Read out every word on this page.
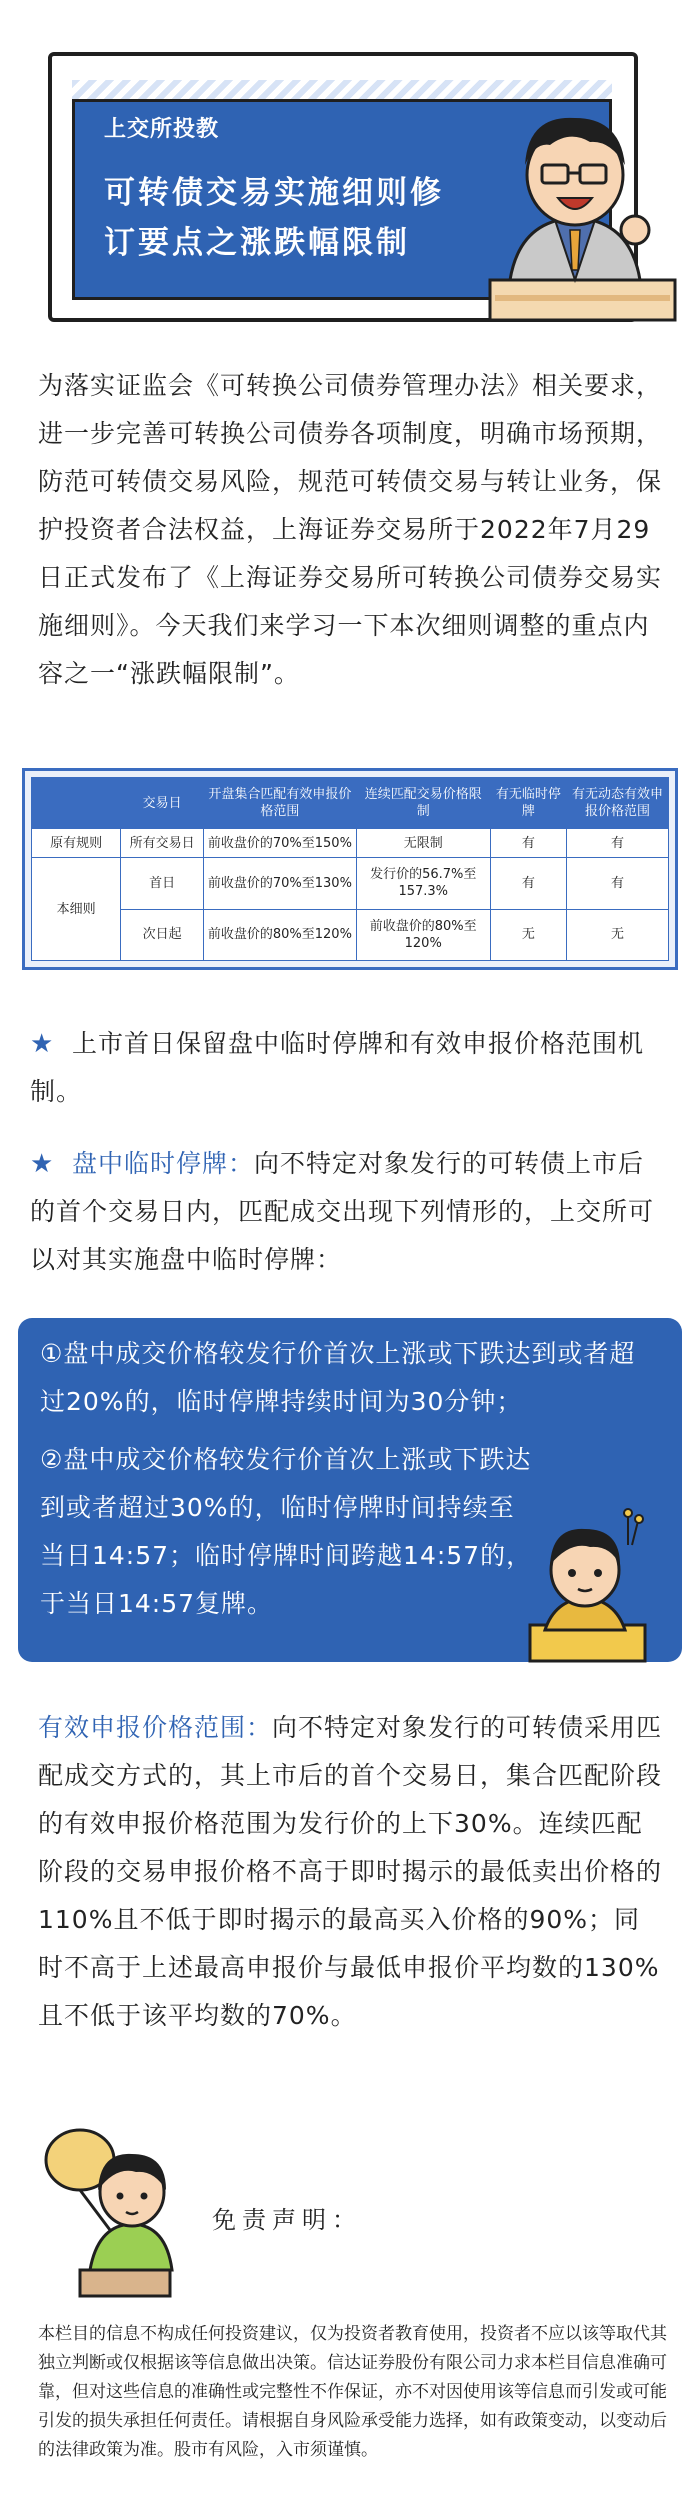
上交所投教
可转债交易实施细则修订要点之涨跌幅限制
为落实证监会《可转换公司债券管理办法》相关要求，进一步完善可转换公司债券各项制度，明确市场预期，防范可转债交易风险，规范可转债交易与转让业务，保护投资者合法权益，上海证券交易所于2022年7月29日正式发布了《上海证券交易所可转换公司债券交易实施细则》。今天我们来学习一下本次细则调整的重点内容之一“涨跌幅限制”。
	交易日	开盘集合匹配有效申报价格范围	连续匹配交易价格限制	有无临时停牌	有无动态有效申报价格范围
原有规则	所有交易日	前收盘价的70%至150%	无限制	有	有
本细则	首日	前收盘价的70%至130%	发行价的56.7%至157.3%	有	有
	次日起	前收盘价的80%至120%	前收盘价的80%至120%	无	无
★ 上市首日保留盘中临时停牌和有效申报价格范围机制。
★ 盘中临时停牌：向不特定对象发行的可转债上市后的首个交易日内，匹配成交出现下列情形的，上交所可以对其实施盘中临时停牌：

①盘中成交价格较发行价首次上涨或下跌达到或者超过20%的，临时停牌持续时间为30分钟；

②盘中成交价格较发行价首次上涨或下跌达到或者超过30%的，临时停牌时间持续至当日14:57；临时停牌时间跨越14:57的，于当日14:57复牌。

有效申报价格范围：向不特定对象发行的可转债采用匹配成交方式的，其上市后的首个交易日，集合匹配阶段的有效申报价格范围为发行价的上下30%。连续匹配阶段的交易申报价格不高于即时揭示的最低卖出价格的110%且不低于即时揭示的最高买入价格的90%；同时不高于上述最高申报价与最低申报价平均数的130%且不低于该平均数的70%。
免责声明：
本栏目的信息不构成任何投资建议，仅为投资者教育使用，投资者不应以该等取代其独立判断或仅根据该等信息做出决策。信达证券股份有限公司力求本栏目信息准确可靠，但对这些信息的准确性或完整性不作保证，亦不对因使用该等信息而引发或可能引发的损失承担任何责任。请根据自身风险承受能力选择，如有政策变动，以变动后的法律政策为准。股市有风险，入市须谨慎。
